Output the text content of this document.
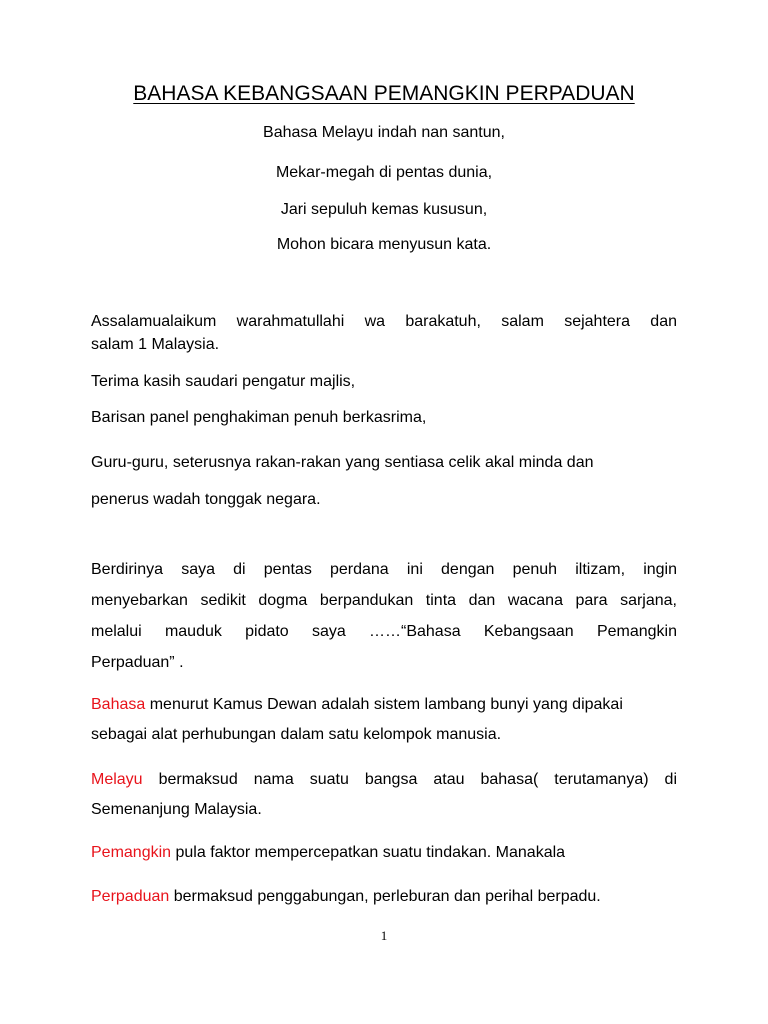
BAHASA KEBANGSAAN PEMANGKIN PERPADUAN
Bahasa Melayu indah nan santun,
Mekar-megah di pentas dunia,
Jari sepuluh kemas kususun,
Mohon bicara menyusun kata.
Assalamualaikum warahmatullahi wa barakatuh, salam sejahtera dan
salam 1 Malaysia.
Terima kasih saudari pengatur majlis,
Barisan panel penghakiman penuh berkasrima,
Guru-guru, seterusnya rakan-rakan yang sentiasa celik akal minda dan
penerus wadah tonggak negara.
Berdirinya saya di pentas perdana ini dengan penuh iltizam, ingin
menyebarkan sedikit dogma berpandukan tinta dan wacana para sarjana,
melalui mauduk pidato saya ……“Bahasa Kebangsaan Pemangkin
Perpaduan” .
Bahasa menurut Kamus Dewan adalah sistem lambang bunyi yang dipakai
sebagai alat perhubungan dalam satu kelompok manusia.
Melayu bermaksud nama suatu bangsa atau bahasa( terutamanya) di
Semenanjung Malaysia.
Pemangkin pula faktor mempercepatkan suatu tindakan. Manakala
Perpaduan bermaksud penggabungan, perleburan dan perihal berpadu.
1
